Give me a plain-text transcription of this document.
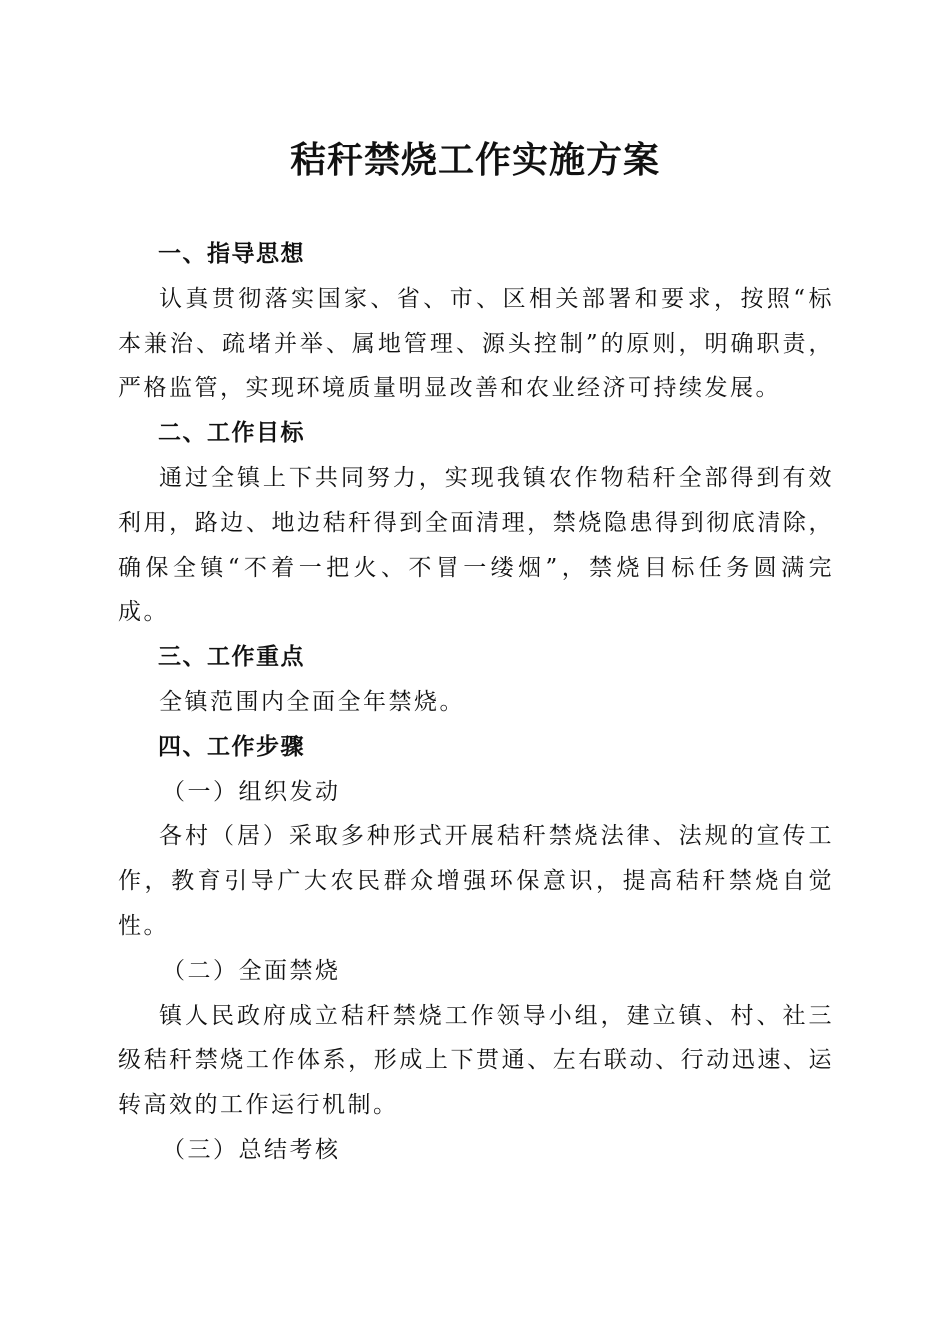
秸秆禁烧工作实施方案

一、指导思想

认真贯彻落实国家、省、市、区相关部署和要求，按照“标本兼治、疏堵并举、属地管理、源头控制”的原则，明确职责，严格监管，实现环境质量明显改善和农业经济可持续发展。

二、工作目标

通过全镇上下共同努力，实现我镇农作物秸秆全部得到有效利用，路边、地边秸秆得到全面清理，禁烧隐患得到彻底清除，确保全镇“不着一把火、不冒一缕烟”，禁烧目标任务圆满完成。

三、工作重点

全镇范围内全面全年禁烧。

四、工作步骤

（一）组织发动

各村（居）采取多种形式开展秸秆禁烧法律、法规的宣传工作，教育引导广大农民群众增强环保意识，提高秸秆禁烧自觉性。

（二）全面禁烧

镇人民政府成立秸秆禁烧工作领导小组，建立镇、村、社三级秸秆禁烧工作体系，形成上下贯通、左右联动、行动迅速、运转高效的工作运行机制。

（三）总结考核
